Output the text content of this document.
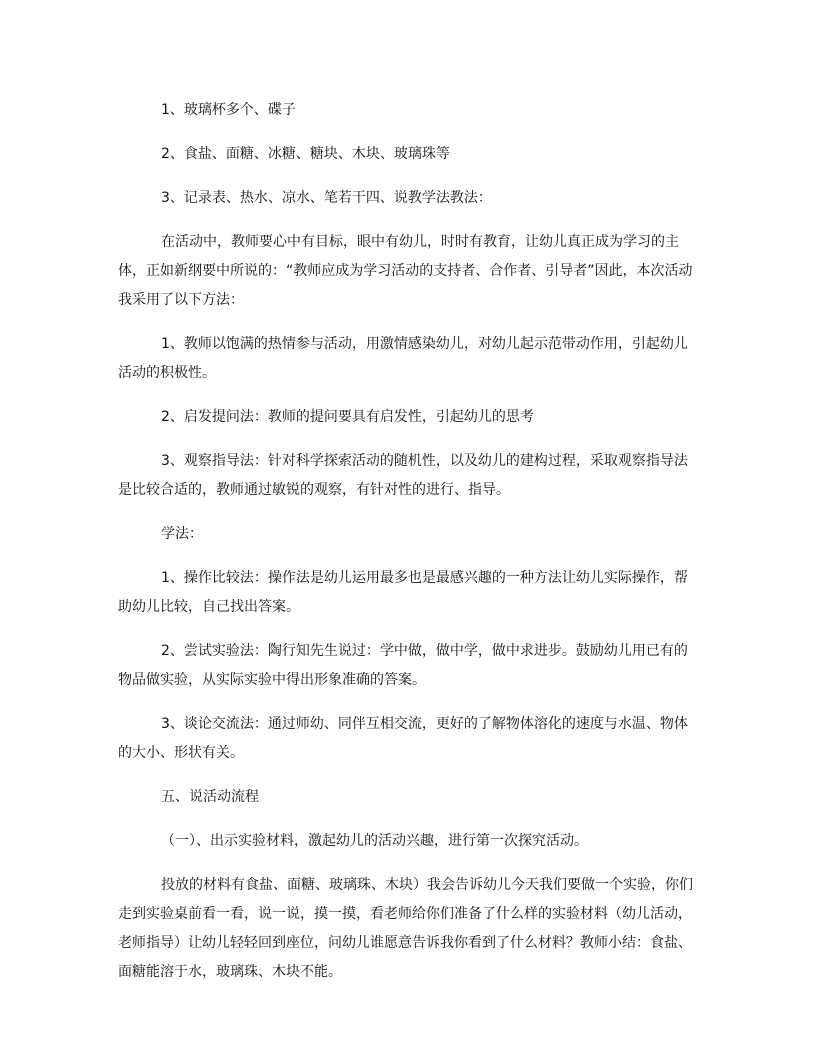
1、玻璃杯多个、碟子

2、食盐、面糖、冰糖、糖块、木块、玻璃珠等

3、记录表、热水、凉水、笔若干四、说教学法教法：

在活动中，教师要心中有目标，眼中有幼儿，时时有教育，让幼儿真正成为学习的主体，正如新纲要中所说的：“教师应成为学习活动的支持者、合作者、引导者”因此，本次活动我采用了以下方法：

1、教师以饱满的热情参与活动，用激情感染幼儿，对幼儿起示范带动作用，引起幼儿活动的积极性。

2、启发提问法：教师的提问要具有启发性，引起幼儿的思考

3、观察指导法：针对科学探索活动的随机性，以及幼儿的建构过程，采取观察指导法是比较合适的，教师通过敏锐的观察，有针对性的进行、指导。

学法：

1、操作比较法：操作法是幼儿运用最多也是最感兴趣的一种方法让幼儿实际操作，帮助幼儿比较，自己找出答案。

2、尝试实验法：陶行知先生说过：学中做，做中学，做中求进步。鼓励幼儿用已有的物品做实验，从实际实验中得出形象准确的答案。

3、谈论交流法：通过师幼、同伴互相交流，更好的了解物体溶化的速度与水温、物体的大小、形状有关。

五、说活动流程

（一）、出示实验材料，激起幼儿的活动兴趣，进行第一次探究活动。

投放的材料有食盐、面糖、玻璃珠、木块）我会告诉幼儿今天我们要做一个实验，你们走到实验桌前看一看，说一说，摸一摸，看老师给你们准备了什么样的实验材料（幼儿活动，老师指导）让幼儿轻轻回到座位，问幼儿谁愿意告诉我你看到了什么材料？教师小结：食盐、面糖能溶于水，玻璃珠、木块不能。
